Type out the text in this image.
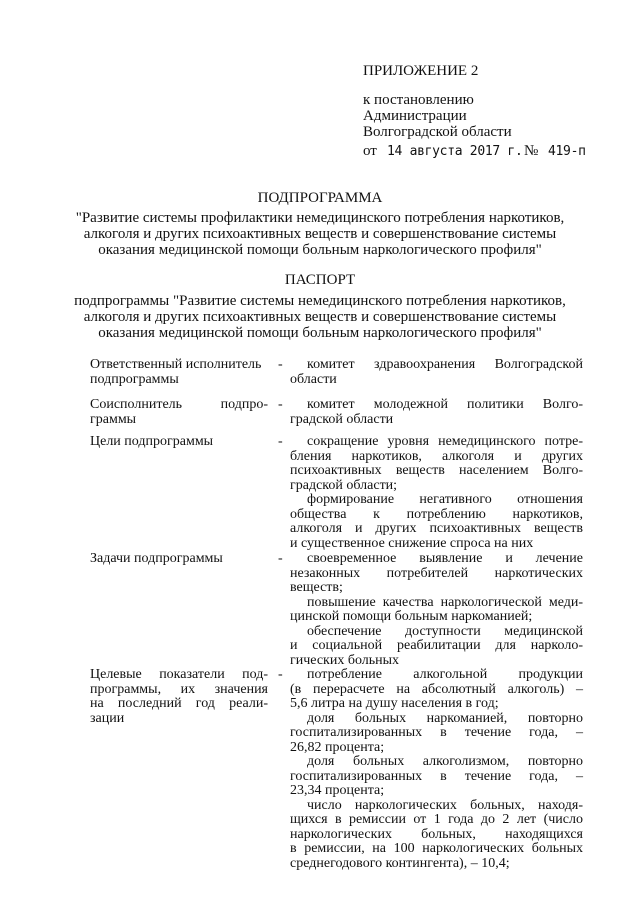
ПРИЛОЖЕНИЕ 2
к постановлению
Администрации
Волгоградской области
от 14 августа 2017 г. № 419-п
ПОДПРОГРАММА
"Развитие системы профилактики немедицинского потребления наркотиков,
алкоголя и других психоактивных веществ и совершенствование системы
оказания медицинской помощи больным наркологического профиля"
ПАСПОРТ
подпрограммы "Развитие системы немедицинского потребления наркотиков,
алкоголя и других психоактивных веществ и совершенствование системы
оказания медицинской помощи больным наркологического профиля"
Ответственный исполнитель
подпрограммы
-	комитет здравоохранения Волгоградской
области
Соисполнитель подпро-
граммы
-	комитет молодежной политики Волго-
градской области
Цели подпрограммы	-	сокращение уровня немедицинского потре-
бления наркотиков, алкоголя и других
психоактивных веществ населением Волго-
градской области;
формирование негативного отношения
общества к потреблению наркотиков,
алкоголя и других психоактивных веществ
и существенное снижение спроса на них
Задачи подпрограммы	-	своевременное выявление и лечение
незаконных потребителей наркотических
веществ;
повышение качества наркологической меди-
цинской помощи больным наркоманией;
обеспечение доступности медицинской
и социальной реабилитации для нарколо-
гических больных
Целевые показатели под-
программы, их значения
на последний год реали-
зации
-	потребление алкогольной продукции
(в перерасчете на абсолютный алкоголь) –
5,6 литра на душу населения в год;
доля больных наркоманией, повторно
госпитализированных в течение года, –
26,82 процента;
доля больных алкоголизмом, повторно
госпитализированных в течение года, –
23,34 процента;
число наркологических больных, находя-
щихся в ремиссии от 1 года до 2 лет (число
наркологических больных, находящихся
в ремиссии, на 100 наркологических больных
среднегодового контингента), – 10,4;
